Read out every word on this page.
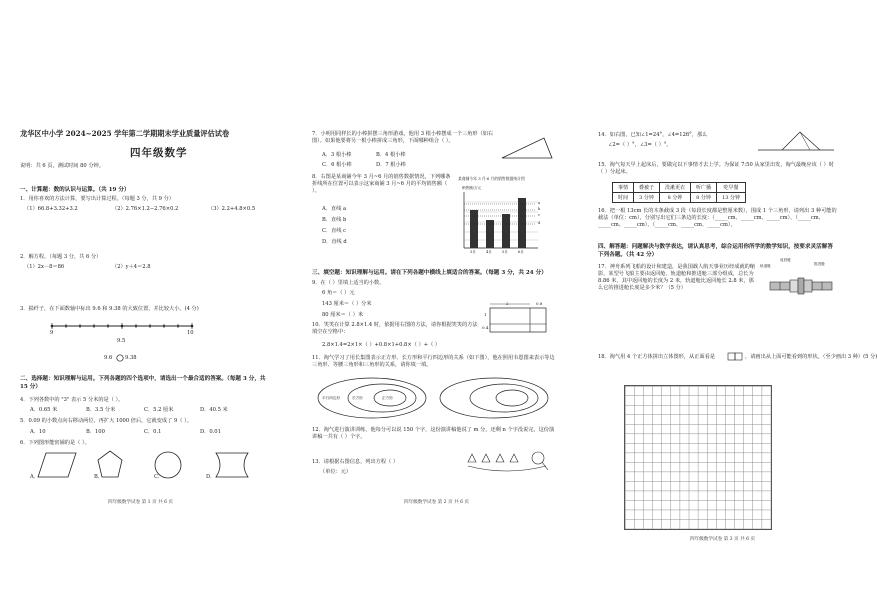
龙华区中小学 2024~2025 学年第二学期期末学业质量评估试卷
四年级数学
说明：共 6 页，测试时间 80 分钟。
一、计算题：数的认识与运算。（共 19 分）
1．用你喜欢的方法计算，要写出计算过程。（每题 3 分，共 9 分）
（1）66.8+3.32+3.2	（2）2.76×1.2−2.76×0.2	（3）2.2+4.8×0.5
2．解方程。（每题 3 分，共 6 分）
（1）2x－8＝86	（2）y＋4＝2.8
3．损纤子，在下面数轴中标出 9.6 和 9.38 的大致位置，并比较大小。(4 分)
9
9.5
10
9.6 9.38
二、选择题：知识理解与运用。下列各题的四个选项中，请选出一个最合适的答案。（每题 3 分，共 15 分）
4．下列各数中的 "3" 表示 5 分米的是（ ）。
A．0.65 米	B．3.5 分米	C．5.2 厘米	D．40.5 米
5．0.09 的小数点向右移动两位，再扩大 1000 倍后，它就变成了 9（ ）。
A．10	B．100	C．0.1	D．0.01
6．下列图形能密铺的是（ ）。
A．	B．	C．	D．
四年级数学试卷 第 1 页 共 6 页
7．小明用同样长的小棒拼摆三角形游戏，他用 3 根小棒摆成一个三角形（如右图）。如果他要将另一根小棒拼成三角形，下面哪种组合（ ）。
A．3 根小棒	B．4 根小棒
C．6 根小棒	D．7 根小棒
8．右图是某商铺今年 3 月~6 月的销售数据情况，下列哪条折线所在位置可以表示这家商铺 3 月~6 月的平均销售额（ ）。
A．直线 a
B．直线 b
C．直线 c
D．直线 d
某商铺今年 3 月-6 月的销售数据统计图
销售额/万元
a
b
c
d
3月	4月	5月	6月
三、填空题：知识理解与运用。请在下列各题中横线上填适合的答案。（每题 3 分，共 24 分）
9．在（ ）里填上适当的小数。
6 角＝（ ）元
143 厘米＝（ ）分米
80 厘米＝（ ）米
2	0.8
1
0.4
10．笑笑在计算 2.8×1.4 时，依据用右图的方法，请你根据笑笑的方法填空在空格中：
2.8×1.4=2×1×（ ）+0.8×1+0.8×（ ）+（ ）
11．淘气学习了用长集图表示正方形、长方形和平行四边形的关系（如下图），他在照用韦恩图来表示等边三角形、等腰三角形和三角形的关系，请你填一填。
平行四边形	长方形	正方形
12．淘气进行演讲训练，他每分可以说 150 个字，这份演讲稿他说了 m 分，还剩 n 个字没说完，这份演讲稿一共有（ ）个字。
13．请根据右图信息，列出方程（ ）
（单位：元）
四年级数学试卷 第 2 页 共 6 页
14．如右图，已知∠1=24°，∠4=126°，那么
∠2=（ ）°，∠3=（ ）°。
15．淘气每天早上起床后，要做完以下事情才去上学。为保证 7:50 从家里出发，淘气最晚应该（ ）时（ ）分起床。
事情	叠被子	洗漱更衣	听广播	吃早餐
时间	3 分钟	8 分钟	8 分钟	13 分钟
16．把一根 13cm 长的木条截成 3 段（每段长度都是整厘米数），围成 1 个三角形，请列出 3 种可能的截法（单位：cm），分别写出它们三条边的长度：（_____cm、_____cm、_____cm）、（_____cm、_____cm、_____cm）、（_____cm、_____cm、_____cm）。
四、解答题：问题解决与数学表达，请认真思考，综合运用你所学的数学知识，按要求灵活解答下列各题。（共 42 分）
17．神舟系列飞船的设计和建造，是我国载人航天事业历经成就的缩影，某型号飞船主要由返回舱、轨道舱和推进舱三部分组成，总长为 8.86 米，其中返回舱的长度为 2 米，轨道舱比返回舱长 2.8 米，那么它的推进舱长度是多少米？（5 分）
轨道舱
返回舱
推进舱
18．淘气用 4 个正方体拼出立体图形，从正面看是	，请画出从上面可能看到的形状。（至少画出 3 种）(5 分)
四年级数学试卷 第 3 页 共 6 页
